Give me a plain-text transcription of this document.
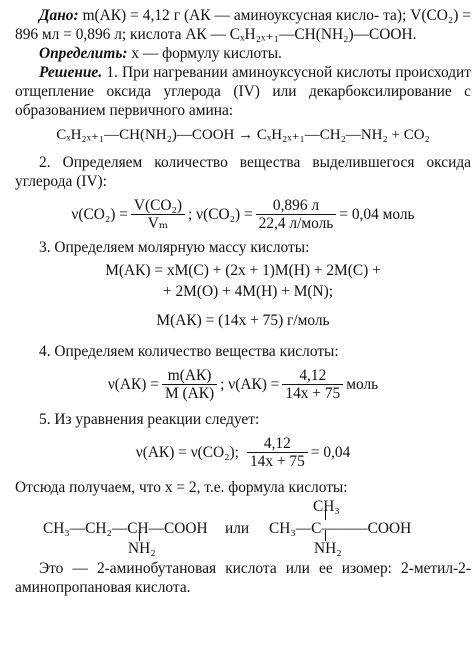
Дано: m(АК) = 4,12 г (АК — аминоуксусная кисло- та); V(CO₂) = 896 мл = 0,896 л; кислота АК — CₓH₂ₓ₊₁—CH(NH₂)—COOH.

Определить: x — формулу кислоты.

Решение. 1. При нагревании аминоуксусной кислоты происходит отщепление оксида углерода (IV) или декарбоксилирование с образованием первичного амина:

CₓH₂ₓ₊₁—CH(NH₂)—COOH → CₓH₂ₓ₊₁—CH₂—NH₂ + CO₂

2. Определяем количество вещества выделившегося оксида углерода (IV):

$\nu(CO_2) = \frac{\text{V(CO₂)}}{\text{Vₘ}}$ ; $\nu(CO_2) = \frac{0,896 л}{\text{22,4 л/моль}} = 0,04$ моль

3. Определяем молярную массу кислоты:

M(АК) = xM(C) + (2x + 1)M(H) + 2M(C) +

+ 2M(O) + 4M(H) + M(N);

M(АК) = (14x + 75) г/моль

4. Определяем количество вещества кислоты:

$\nu(АК) = \frac{m(АК)}{M (АК)}$ ; $\nu(АК) = \frac{4,12}{14x + 75}$ моль

5. Из уравнения реакции следует:

ν(АК) = ν(CO₂); $\frac{4,12}{14x + 75} = 0,04$

Отсюда получаем, что x = 2, т.е. формула кислоты:

CH₃—CH₂—CH—COOH
NH₂
или
CH₃
CH₃—C———COOH
NH₂

Это — 2-аминобутановая кислота или ее изомер: 2-метил-2-аминопропановая кислота.
